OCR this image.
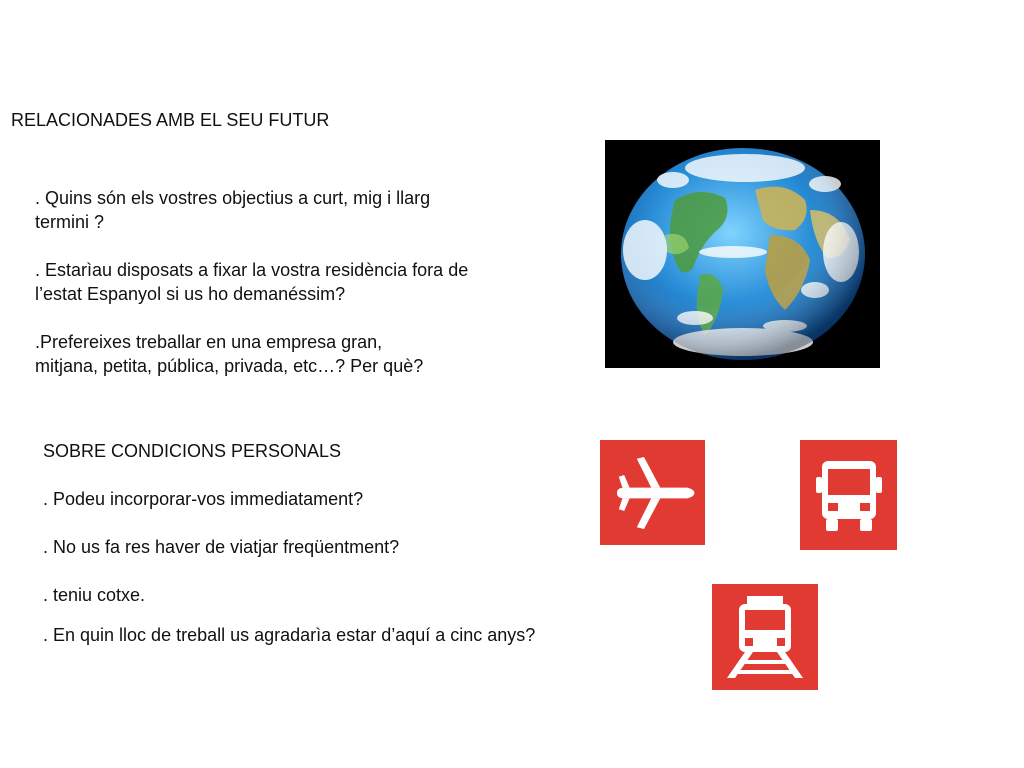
RELACIONADES AMB EL SEU FUTUR

. Quins són els vostres objectius a curt, mig i llarg termini ?

. Estarìau disposats a fixar la vostra residència fora de l’estat Espanyol si us ho demanéssim?

.Prefereixes treballar en una empresa gran, mitjana, petita, pública, privada, etc…? Per què?

SOBRE CONDICIONS PERSONALS

. Podeu incorporar-vos immediatament?

. No us fa res haver de viatjar freqüentment?

. teniu cotxe.

. En quin lloc de treball us agradarìa estar d’aquí a cinc anys?
